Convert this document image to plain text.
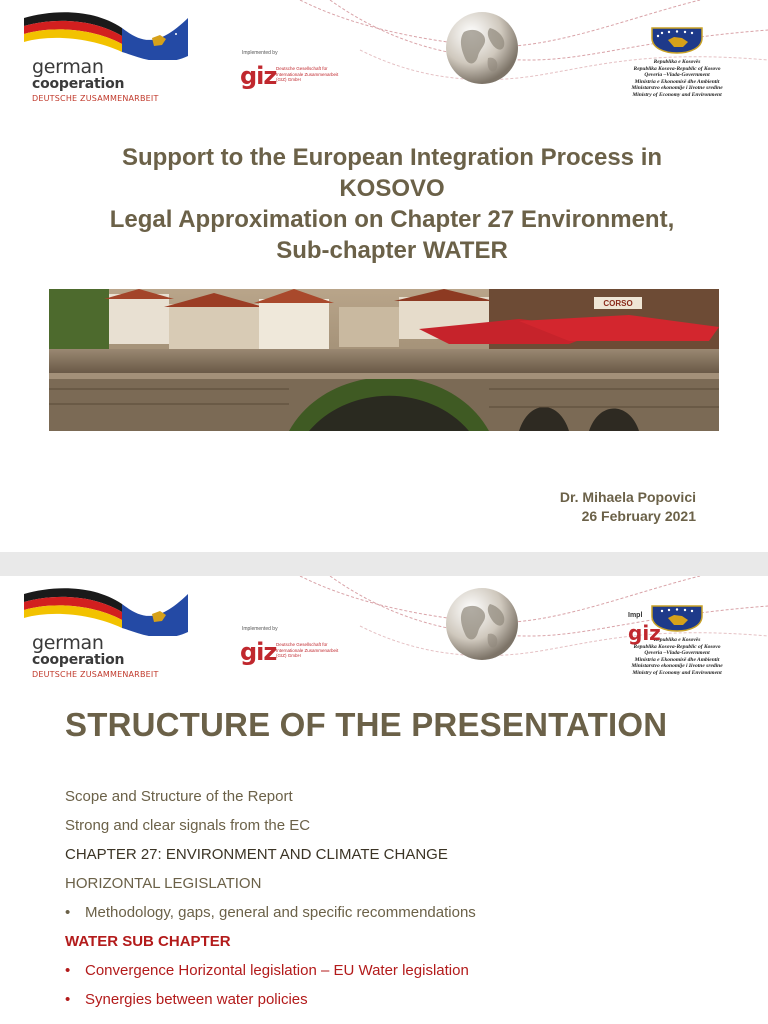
german
cooperation
DEUTSCHE ZUSAMMENARBEIT
Implemented by
giz Deutsche Gesellschaft für Internationale Zusammenarbeit (GIZ) GmbH
Republika e Kosovës
Republika Kosova-Republic of Kosovo
Qeveria –Vlada-Government
Ministria e Ekonomisë dhe Ambientit
Ministarstvo ekonomije i životne sredine
Ministry of Economy and Environment
Support to the European Integration Process in
KOSOVO
Legal Approximation on Chapter 27 Environment,
Sub-chapter WATER
CORSO
Dr. Mihaela Popovici
26 February 2021
german
cooperation
DEUTSCHE ZUSAMMENARBEIT
Implemented by
giz Deutsche Gesellschaft für Internationale Zusammenarbeit (GIZ) GmbH
Republika e Kosovës
Republika Kosova-Republic of Kosovo
Qeveria –Vlada-Government
Ministria e Ekonomisë dhe Ambientit
Ministarstvo ekonomije i životne sredine
Ministry of Economy and Environment
Impl
giz
STRUCTURE OF THE PRESENTATION
Scope and Structure of the Report
Strong and clear signals from the EC
CHAPTER 27: ENVIRONMENT AND CLIMATE CHANGE
HORIZONTAL LEGISLATION
• Methodology, gaps, general and specific recommendations
WATER SUB CHAPTER
• Convergence Horizontal legislation – EU Water legislation
• Synergies between water policies
